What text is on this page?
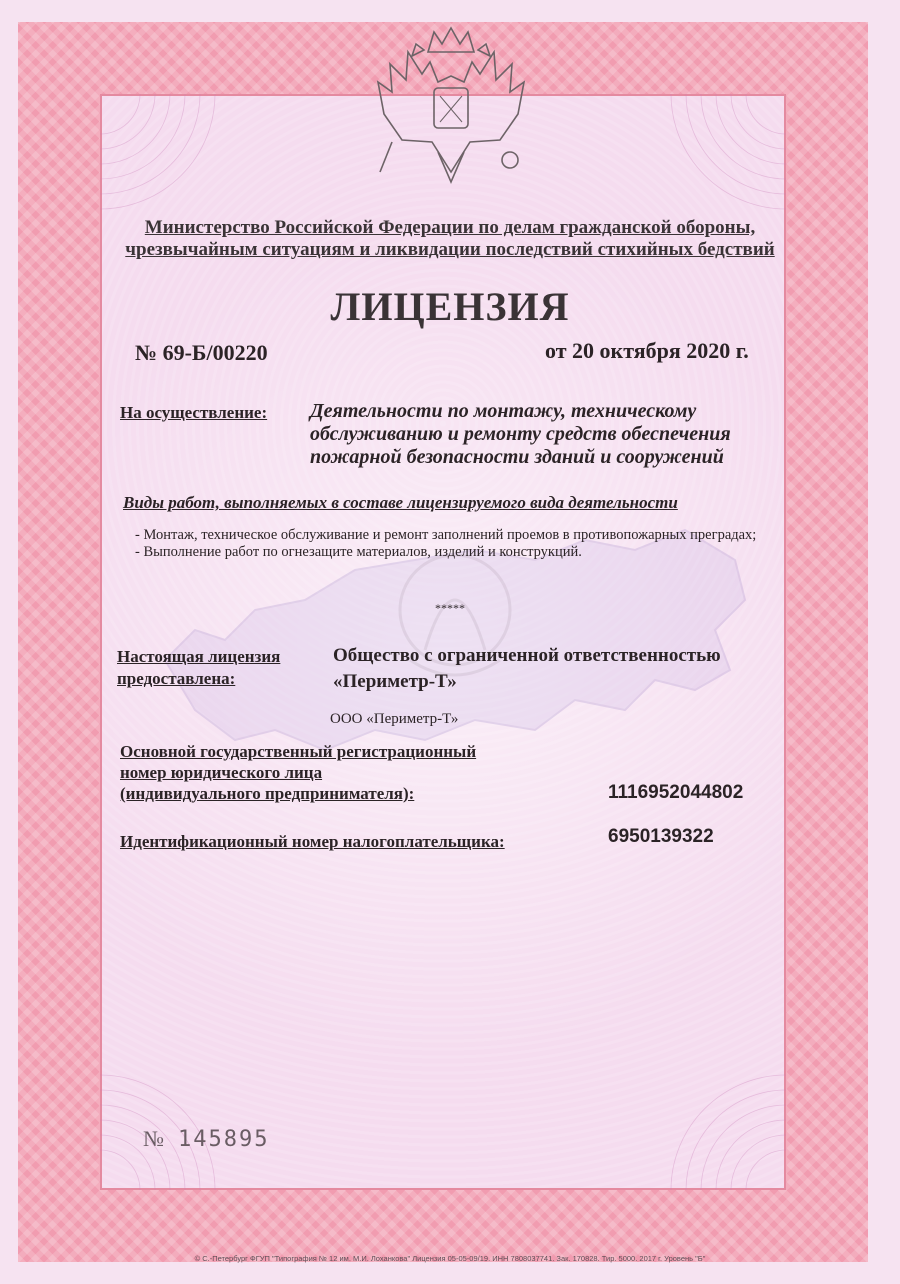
Министерство Российской Федерации по делам гражданской обороны,
чрезвычайным ситуациям и ликвидации последствий стихийных бедствий
ЛИЦЕНЗИЯ
№ 69-Б/00220	от 20 октября 2020 г.
На осуществление: Деятельности по монтажу, техническому
обслуживанию и ремонту средств обеспечения
пожарной безопасности зданий и сооружений
Виды работ, выполняемых в составе лицензируемого вида деятельности
- Монтаж, техническое обслуживание и ремонт заполнений проемов в противопожарных преградах;
- Выполнение работ по огнезащите материалов, изделий и конструкций.
*****
Настоящая лицензия
предоставлена:
Общество с ограниченной ответственностью
«Периметр-Т»
ООО «Периметр-Т»
Основной государственный регистрационный
номер юридического лица
(индивидуального предпринимателя):	1116952044802
Идентификационный номер налогоплательщика:	6950139322
№ 145895
© С.-Петербург ФГУП "Типография № 12 им. М.И. Лоханкова" Лицензия 05-05-09/19. ИНН 7808037741. Зак. 170828. Тир. 5000. 2017 г. Уровень "Б"
